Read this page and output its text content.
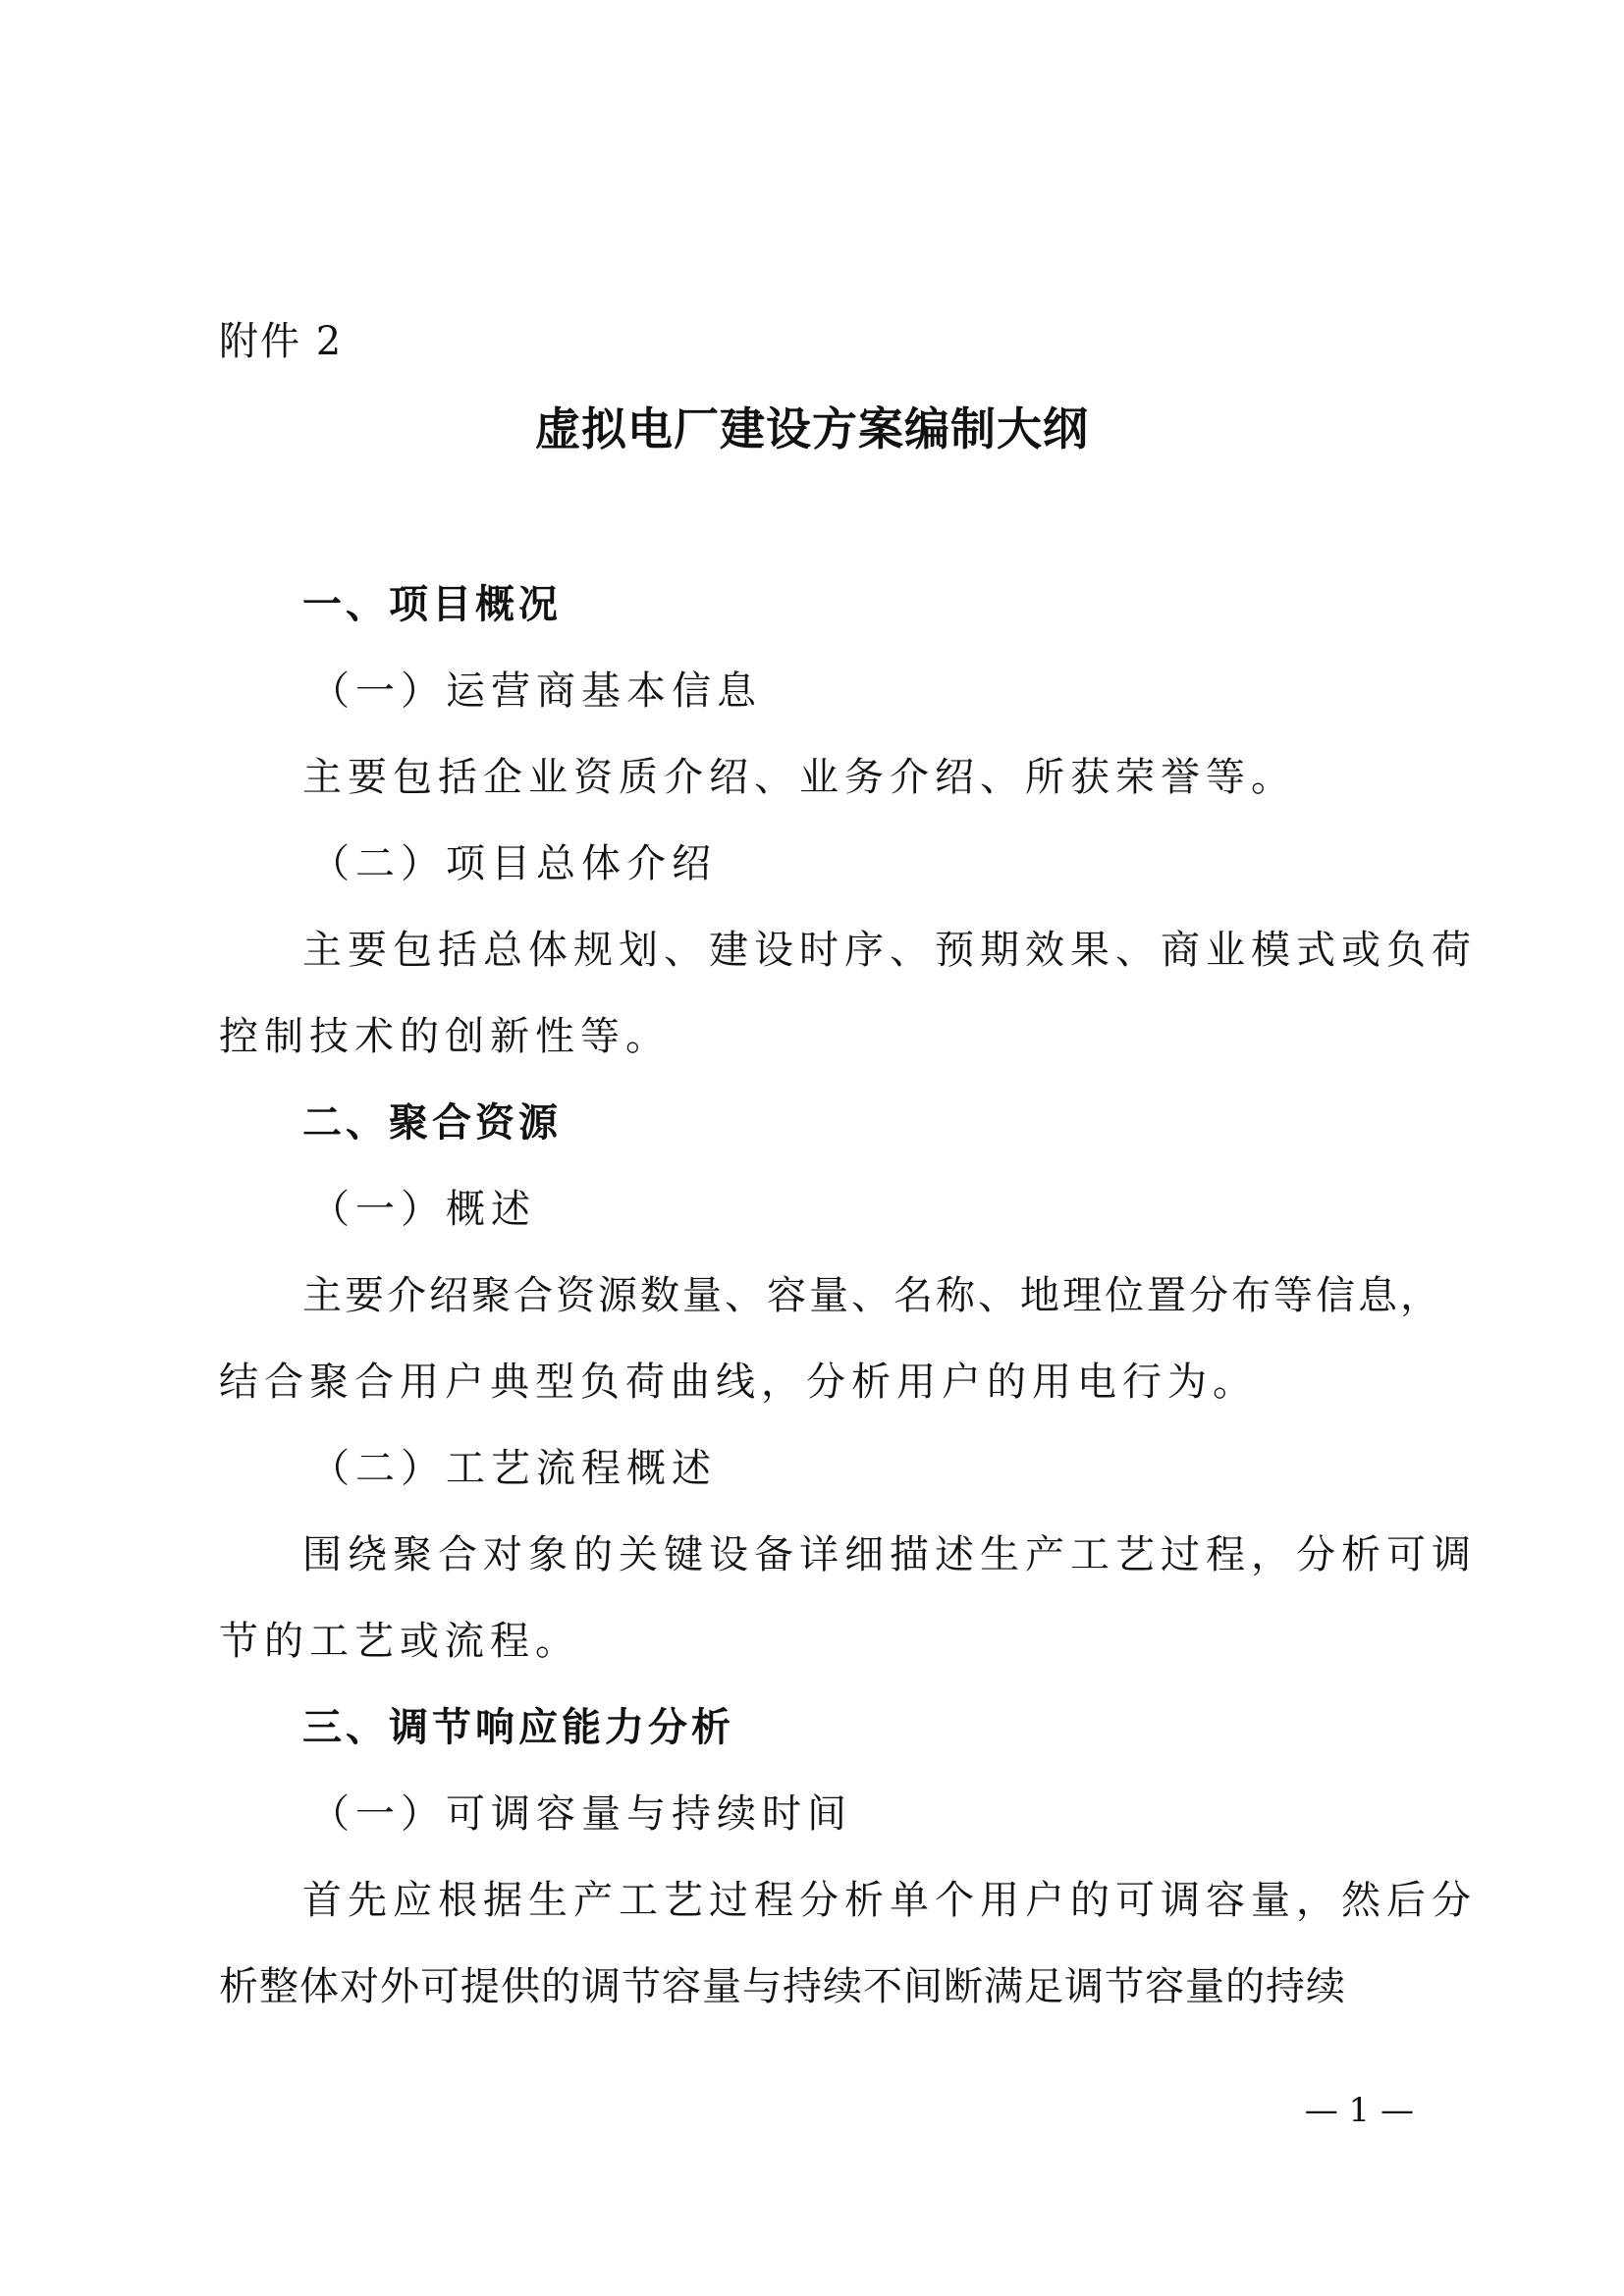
附件 2
虚拟电厂建设方案编制大纲
一、项目概况
（一）运营商基本信息
主要包括企业资质介绍、业务介绍、所获荣誉等。
（二）项目总体介绍
主要包括总体规划、建设时序、预期效果、商业模式或负荷
控制技术的创新性等。
二、聚合资源
（一）概述
主要介绍聚合资源数量、容量、名称、地理位置分布等信息，
结合聚合用户典型负荷曲线，分析用户的用电行为。
（二）工艺流程概述
围绕聚合对象的关键设备详细描述生产工艺过程，分析可调
节的工艺或流程。
三、调节响应能力分析
（一）可调容量与持续时间
首先应根据生产工艺过程分析单个用户的可调容量，然后分
析整体对外可提供的调节容量与持续不间断满足调节容量的持续
— 1 —
